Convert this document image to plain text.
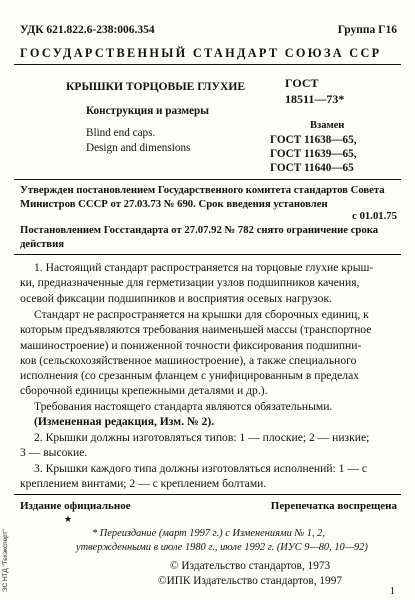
УДК 621.822.6-238:006.354	Группа Г16
ГОСУДАРСТВЕННЫЙ СТАНДАРТ СОЮЗА ССР
КРЫШКИ ТОРЦОВЫЕ ГЛУХИЕ
Конструкция и размеры
Blind end caps.
Design and dimensions
ГОСТ
18511—73*
Взамен
ГОСТ 11638—65,
ГОСТ 11639—65,
ГОСТ 11640—65
Утвержден постановлением Государственного комитета стандартов Совета
Министров СССР от 27.03.73 № 690. Срок введения установлен
с 01.01.75
Постановлением Госстандарта от 27.07.92 № 782 снято ограничение срока
действия
1. Настоящий стандарт распространяется на торцовые глухие крыш-
ки, предназначенные для герметизации узлов подшипников качения,
осевой фиксации подшипников и восприятия осевых нагрузок.
Стандарт не распространяется на крышки для сборочных единиц, к
которым предъявляются требования наименьшей массы (транспортное
машиностроение) и пониженной точности фиксирования подшипни-
ков (сельскохозяйственное машиностроение), а также специального
исполнения (со срезанным фланцем с унифицированным в пределах
сборочной единицы крепежными деталями и др.).
Требования настоящего стандарта являются обязательными.
(Измененная редакция, Изм. № 2).
2. Крышки должны изготовляться типов: 1 — плоские; 2 — низкие;
3 — высокие.
3. Крышки каждого типа должны изготовляться исполнений: 1 — с
креплением винтами; 2 — с креплением болтами.
Издание официальное	Перепечатка воспрещена
★
* Переиздание (март 1997 г.) с Изменениями № 1, 2,
утвержденными в июле 1980 г., июле 1992 г. (ИУС 9—80, 10—92)
© Издательство стандартов, 1973
©ИПК Издательство стандартов, 1997
1
ЭС НТД "Техэксперт"
